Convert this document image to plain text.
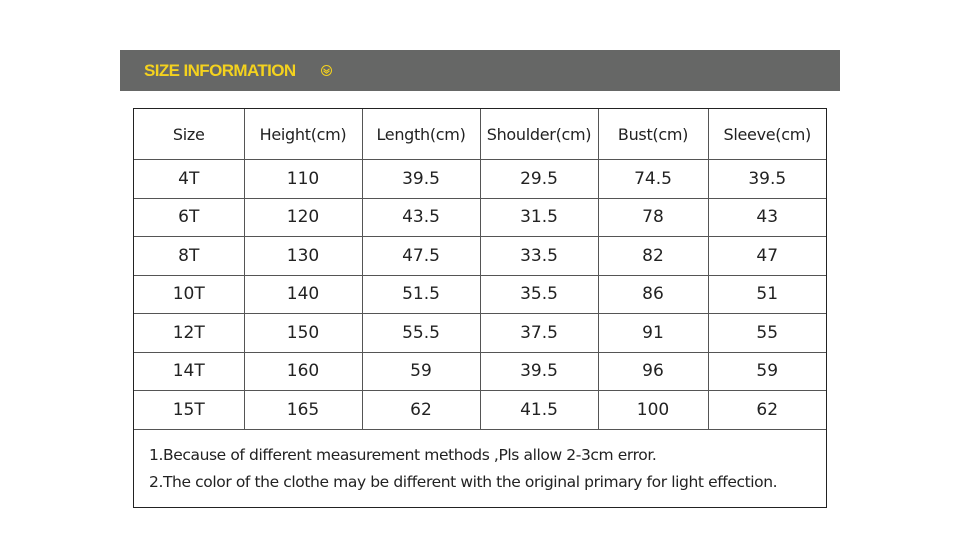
SIZE INFORMATION
Size	Height(cm)	Length(cm)	Shoulder(cm)	Bust(cm)	Sleeve(cm)
4T	110	39.5	29.5	74.5	39.5
6T	120	43.5	31.5	78	43
8T	130	47.5	33.5	82	47
10T	140	51.5	35.5	86	51
12T	150	55.5	37.5	91	55
14T	160	59	39.5	96	59
15T	165	62	41.5	100	62
1.Because of different measurement methods ,Pls allow 2-3cm error.
2.The color of the clothe may be different with the original primary for light effection.
